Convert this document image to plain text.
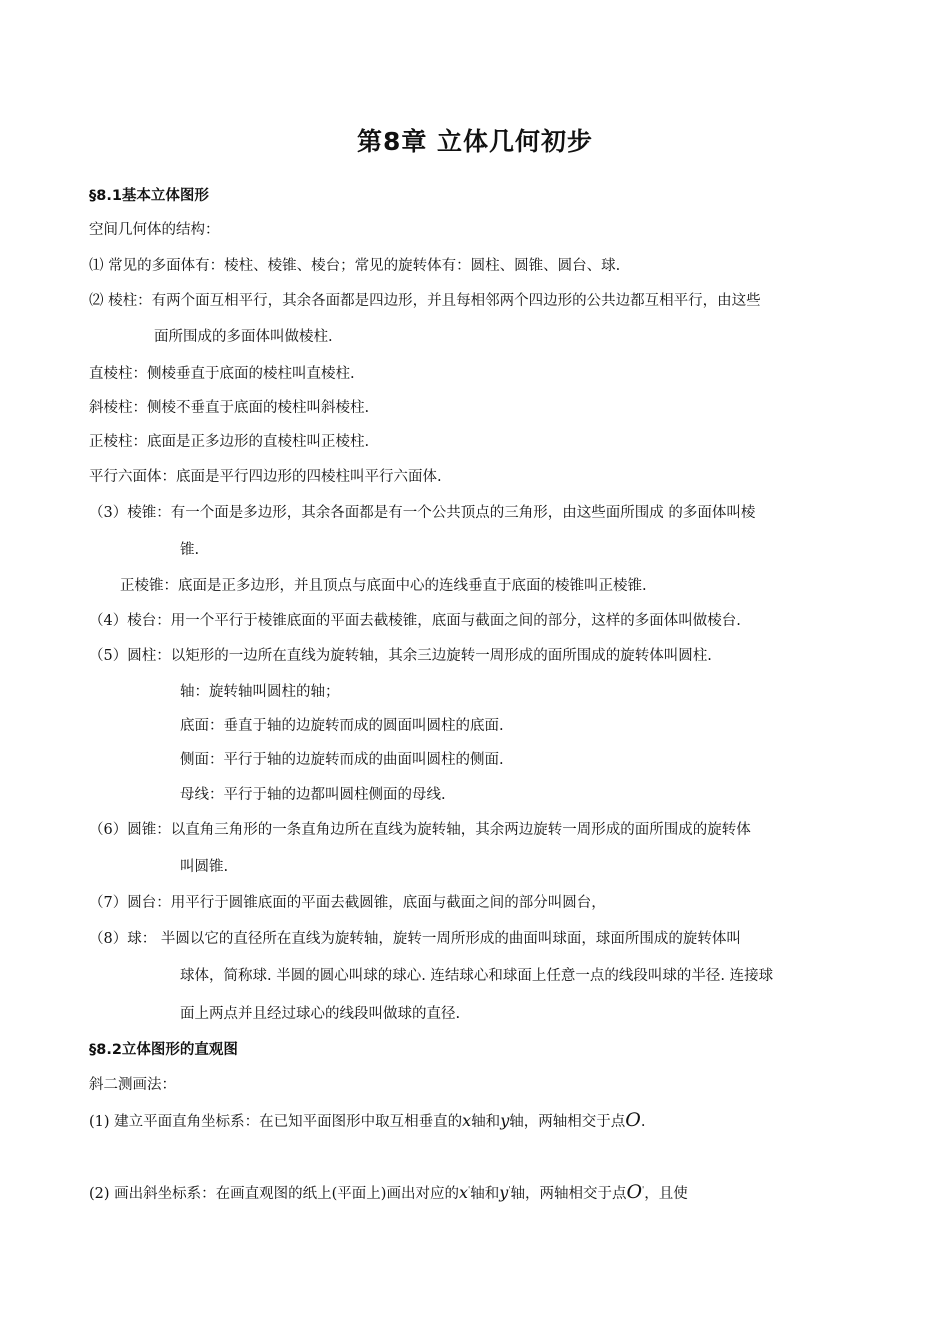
第8章 立体几何初步
§8.1基本立体图形
空间几何体的结构：
⑴ 常见的多面体有：棱柱、棱锥、棱台；常见的旋转体有：圆柱、圆锥、圆台、球.
⑵ 棱柱：有两个面互相平行，其余各面都是四边形，并且每相邻两个四边形的公共边都互相平行，由这些
面所围成的多面体叫做棱柱.
直棱柱：侧棱垂直于底面的棱柱叫直棱柱.
斜棱柱：侧棱不垂直于底面的棱柱叫斜棱柱.
正棱柱：底面是正多边形的直棱柱叫正棱柱.
平行六面体：底面是平行四边形的四棱柱叫平行六面体.
（3）棱锥：有一个面是多边形，其余各面都是有一个公共顶点的三角形，由这些面所围成 的多面体叫棱
锥.
正棱锥：底面是正多边形，并且顶点与底面中心的连线垂直于底面的棱锥叫正棱锥.
（4）棱台：用一个平行于棱锥底面的平面去截棱锥，底面与截面之间的部分，这样的多面体叫做棱台.
（5）圆柱：以矩形的一边所在直线为旋转轴，其余三边旋转一周形成的面所围成的旋转体叫圆柱.
轴：旋转轴叫圆柱的轴；
底面：垂直于轴的边旋转而成的圆面叫圆柱的底面.
侧面：平行于轴的边旋转而成的曲面叫圆柱的侧面.
母线：平行于轴的边都叫圆柱侧面的母线.
（6）圆锥：以直角三角形的一条直角边所在直线为旋转轴，其余两边旋转一周形成的面所围成的旋转体
叫圆锥.
（7）圆台：用平行于圆锥底面的平面去截圆锥，底面与截面之间的部分叫圆台，
（8）球： 半圆以它的直径所在直线为旋转轴，旋转一周所形成的曲面叫球面，球面所围成的旋转体叫
球体，简称球. 半圆的圆心叫球的球心. 连结球心和球面上任意一点的线段叫球的半径. 连接球
面上两点并且经过球心的线段叫做球的直径.
§8.2立体图形的直观图
斜二测画法：
(1) 建立平面直角坐标系：在已知平面图形中取互相垂直的x轴和y轴，两轴相交于点O.
(2) 画出斜坐标系：在画直观图的纸上(平面上)画出对应的x'轴和y'轴，两轴相交于点O'，且使
